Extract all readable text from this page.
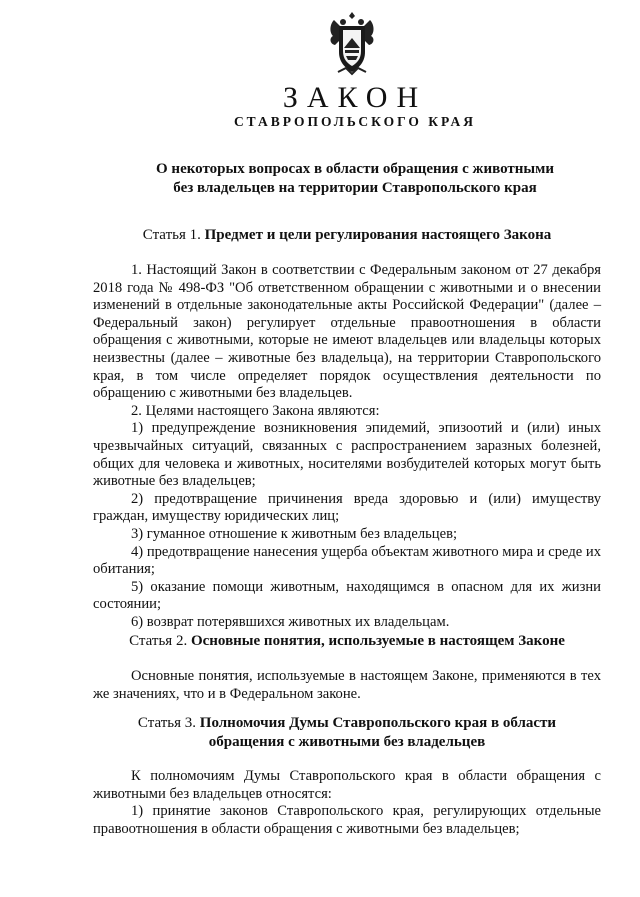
ЗАКОН
СТАВРОПОЛЬСКОГО КРАЯ
О некоторых вопросах в области обращения с животными
без владельцев на территории Ставропольского края
Статья 1. Предмет и цели регулирования настоящего Закона

1. Настоящий Закон в соответствии с Федеральным законом от 27 декабря 2018 года № 498-ФЗ "Об ответственном обращении с животными и о внесении изменений в отдельные законодательные акты Российской Федерации" (далее – Федеральный закон) регулирует отдельные правоотношения в области обращения с животными, которые не имеют владельцев или владельцы которых неизвестны (далее – животные без владельца), на территории Ставропольского края, в том числе определяет порядок осуществления деятельности по обращению с животными без владельцев.

2. Целями настоящего Закона являются:

1) предупреждение возникновения эпидемий, эпизоотий и (или) иных чрезвычайных ситуаций, связанных с распространением заразных болезней, общих для человека и животных, носителями возбудителей которых могут быть животные без владельцев;

2) предотвращение причинения вреда здоровью и (или) имуществу граждан, имуществу юридических лиц;

3) гуманное отношение к животным без владельцев;

4) предотвращение нанесения ущерба объектам животного мира и среде их обитания;

5) оказание помощи животным, находящимся в опасном для их жизни состоянии;

6) возврат потерявшихся животных их владельцам.

Статья 2. Основные понятия, используемые в настоящем Законе

Основные понятия, используемые в настоящем Законе, применяются в тех же значениях, что и в Федеральном законе.

Статья 3. Полномочия Думы Ставропольского края в области
обращения с животными без владельцев

К полномочиям Думы Ставропольского края в области обращения с животными без владельцев относятся:

1) принятие законов Ставропольского края, регулирующих отдельные правоотношения в области обращения с животными без владельцев;
